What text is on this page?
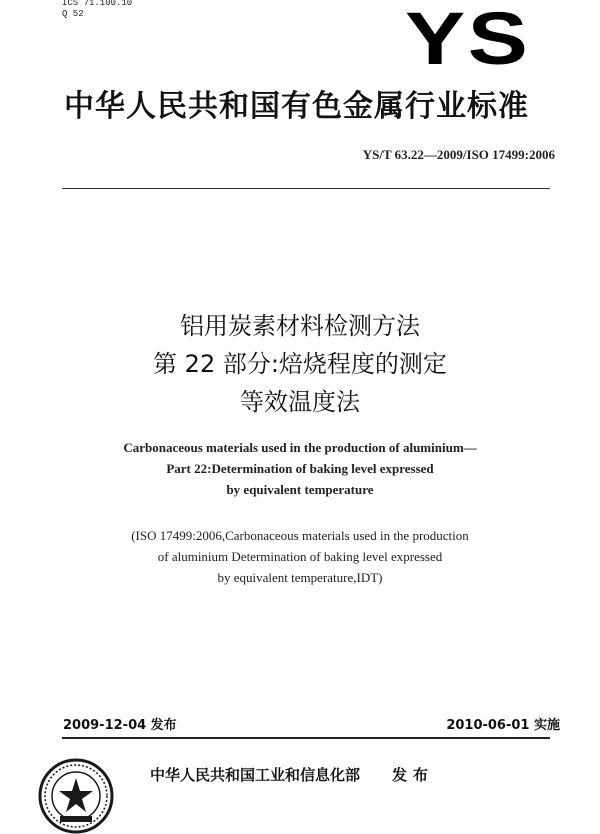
ICS 71.100.10
Q 52	YS
中华人民共和国有色金属行业标准
YS/T 63.22—2009/ISO 17499:2006
铝用炭素材料检测方法
第 22 部分:焙烧程度的测定
等效温度法
Carbonaceous materials used in the production of aluminium—
Part 22:Determination of baking level expressed
by equivalent temperature
(ISO 17499:2006,Carbonaceous materials used in the production
of aluminium Determination of baking level expressed
by equivalent temperature,IDT)
2009-12-04 发布	2010-06-01 实施
中华人民共和国工业和信息化部 发布
